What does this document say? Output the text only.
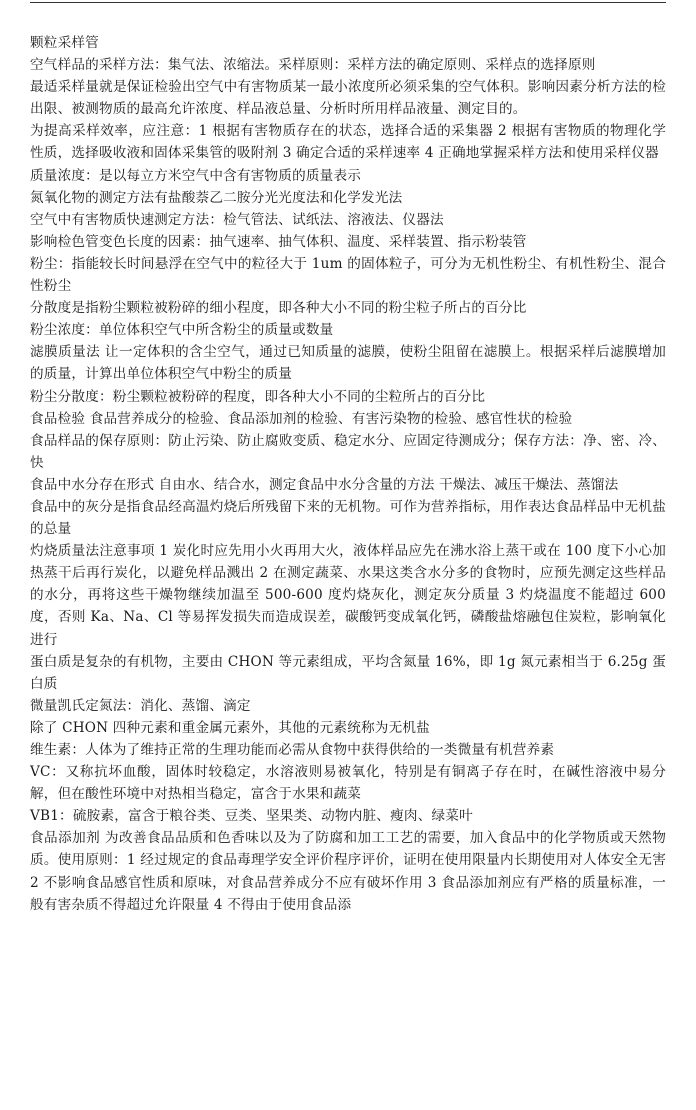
颗粒采样管

空气样品的采样方法：集气法、浓缩法。采样原则：采样方法的确定原则、采样点的选择原则

最适采样量就是保证检验出空气中有害物质某一最小浓度所必须采集的空气体积。影响因素分析方法的检出限、被测物质的最高允许浓度、样品液总量、分析时所用样品液量、测定目的。

为提高采样效率，应注意：1 根据有害物质存在的状态，选择合适的采集器 2 根据有害物质的物理化学性质，选择吸收液和固体采集管的吸附剂 3 确定合适的采样速率 4 正确地掌握采样方法和使用采样仪器

质量浓度：是以每立方米空气中含有害物质的质量表示

氮氧化物的测定方法有盐酸萘乙二胺分光光度法和化学发光法

空气中有害物质快速测定方法：检气管法、试纸法、溶液法、仪器法

影响检色管变色长度的因素：抽气速率、抽气体积、温度、采样装置、指示粉装管

粉尘：指能较长时间悬浮在空气中的粒径大于 1um 的固体粒子，可分为无机性粉尘、有机性粉尘、混合性粉尘

分散度是指粉尘颗粒被粉碎的细小程度，即各种大小不同的粉尘粒子所占的百分比

粉尘浓度：单位体积空气中所含粉尘的质量或数量

滤膜质量法 让一定体积的含尘空气，通过已知质量的滤膜，使粉尘阻留在滤膜上。根据采样后滤膜增加的质量，计算出单位体积空气中粉尘的质量

粉尘分散度：粉尘颗粒被粉碎的程度，即各种大小不同的尘粒所占的百分比

食品检验 食品营养成分的检验、食品添加剂的检验、有害污染物的检验、感官性状的检验

食品样品的保存原则：防止污染、防止腐败变质、稳定水分、应固定待测成分；保存方法：净、密、冷、快

食品中水分存在形式 自由水、结合水，测定食品中水分含量的方法 干燥法、减压干燥法、蒸馏法

食品中的灰分是指食品经高温灼烧后所残留下来的无机物。可作为营养指标，用作表达食品样品中无机盐的总量

灼烧质量法注意事项 1 炭化时应先用小火再用大火，液体样品应先在沸水浴上蒸干或在 100 度下小心加热蒸干后再行炭化，以避免样品溅出 2 在测定蔬菜、水果这类含水分多的食物时，应预先测定这些样品的水分，再将这些干燥物继续加温至 500-600 度灼烧灰化，测定灰分质量 3 灼烧温度不能超过 600 度，否则 Ka、Na、Cl 等易挥发损失而造成误差，碳酸钙变成氧化钙，磷酸盐熔融包住炭粒，影响氧化进行

蛋白质是复杂的有机物，主要由 CHON 等元素组成，平均含氮量 16%，即 1g 氮元素相当于 6.25g 蛋白质

微量凯氏定氮法：消化、蒸馏、滴定

除了 CHON 四种元素和重金属元素外，其他的元素统称为无机盐

维生素：人体为了维持正常的生理功能而必需从食物中获得供给的一类微量有机营养素

VC：又称抗坏血酸，固体时较稳定，水溶液则易被氧化，特别是有铜离子存在时，在碱性溶液中易分解，但在酸性环境中对热相当稳定，富含于水果和蔬菜

VB1：硫胺素，富含于粮谷类、豆类、坚果类、动物内脏、瘦肉、绿菜叶

食品添加剂 为改善食品品质和色香味以及为了防腐和加工工艺的需要，加入食品中的化学物质或天然物质。使用原则：1 经过规定的食品毒理学安全评价程序评价，证明在使用限量内长期使用对人体安全无害 2 不影响食品感官性质和原味，对食品营养成分不应有破坏作用 3 食品添加剂应有严格的质量标准，一般有害杂质不得超过允许限量 4 不得由于使用食品添
